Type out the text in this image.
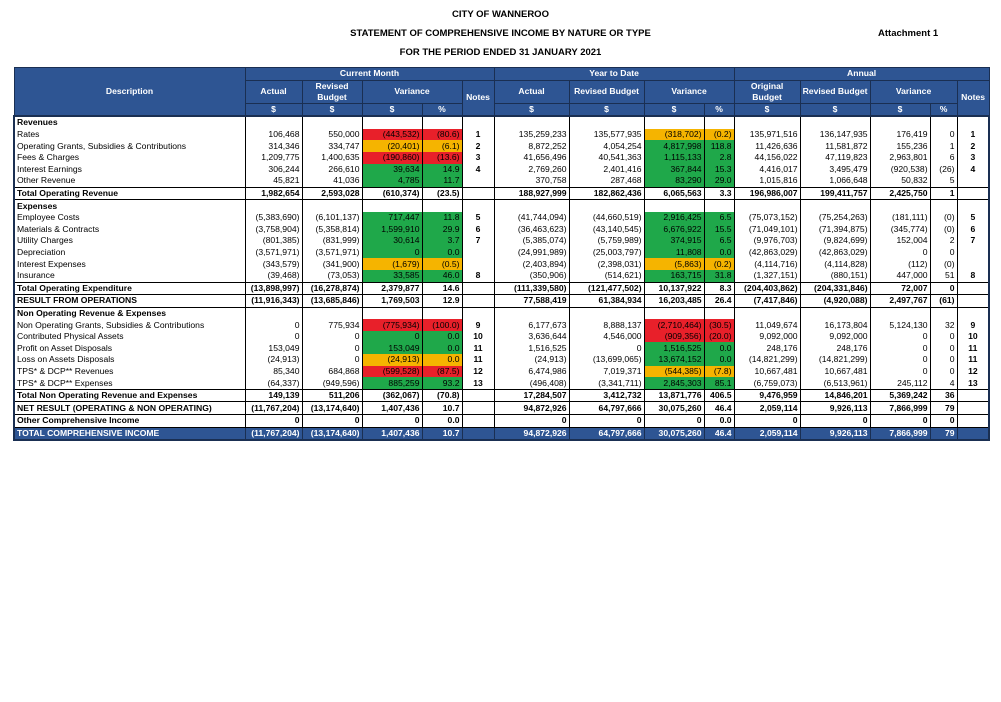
CITY OF WANNEROO
STATEMENT OF COMPREHENSIVE INCOME BY NATURE OR TYPE
FOR THE PERIOD ENDED 31 JANUARY 2021
Attachment 1
Description	Current Month					Year to Date				Annual				
	Actual	Revised Budget	Variance		Notes	Actual	Revised Budget	Variance		Original Budget	Revised Budget	Variance		Notes
	$	$	$	%		$	$	$	%	$	$	$	%	
Revenues														
Rates	106,468	550,000	(443,532)	(80.6)	1	135,259,233	135,577,935	(318,702)	(0.2)	135,971,516	136,147,935	176,419	0	1
Operating Grants, Subsidies & Contributions	314,346	334,747	(20,401)	(6.1)	2	8,872,252	4,054,254	4,817,998	118.8	11,426,636	11,581,872	155,236	1	2
Fees & Charges	1,209,775	1,400,635	(190,860)	(13.6)	3	41,656,496	40,541,363	1,115,133	2.8	44,156,022	47,119,823	2,963,801	6	3
Interest Earnings	306,244	266,610	39,634	14.9	4	2,769,260	2,401,416	367,844	15.3	4,416,017	3,495,479	(920,538)	(26)	4
Other Revenue	45,821	41,036	4,785	11.7		370,758	287,468	83,290	29.0	1,015,816	1,066,648	50,832	5	
Total Operating Revenue	1,982,654	2,593,028	(610,374)	(23.5)		188,927,999	182,862,436	6,065,563	3.3	196,986,007	199,411,757	2,425,750	1	
Expenses														
Employee Costs	(5,383,690)	(6,101,137)	717,447	11.8	5	(41,744,094)	(44,660,519)	2,916,425	6.5	(75,073,152)	(75,254,263)	(181,111)	(0)	5
Materials & Contracts	(3,758,904)	(5,358,814)	1,599,910	29.9	6	(36,463,623)	(43,140,545)	6,676,922	15.5	(71,049,101)	(71,394,875)	(345,774)	(0)	6
Utility Charges	(801,385)	(831,999)	30,614	3.7	7	(5,385,074)	(5,759,989)	374,915	6.5	(9,976,703)	(9,824,699)	152,004	2	7
Depreciation	(3,571,971)	(3,571,971)	0	0.0		(24,991,989)	(25,003,797)	11,808	0.0	(42,863,029)	(42,863,029)	0	0	
Interest Expenses	(343,579)	(341,900)	(1,679)	(0.5)		(2,403,894)	(2,398,031)	(5,863)	(0.2)	(4,114,716)	(4,114,828)	(112)	(0)	
Insurance	(39,468)	(73,053)	33,585	46.0	8	(350,906)	(514,621)	163,715	31.8	(1,327,151)	(880,151)	447,000	51	8
Total Operating Expenditure	(13,898,997)	(16,278,874)	2,379,877	14.6		(111,339,580)	(121,477,502)	10,137,922	8.3	(204,403,862)	(204,331,846)	72,007	0	
RESULT FROM OPERATIONS	(11,916,343)	(13,685,846)	1,769,503	12.9		77,588,419	61,384,934	16,203,485	26.4	(7,417,846)	(4,920,088)	2,497,767	(61)	
Non Operating Revenue & Expenses														
Non Operating Grants, Subsidies & Contributions	0	775,934	(775,934)	(100.0)	9	6,177,673	8,888,137	(2,710,464)	(30.5)	11,049,674	16,173,804	5,124,130	32	9
Contributed Physical Assets	0	0	0	0.0	10	3,636,644	4,546,000	(909,356)	(20.0)	9,092,000	9,092,000	0	0	10
Profit on Asset Disposals	153,049	0	153,049	0.0	11	1,516,525	0	1,516,525	0.0	248,176	248,176	0	0	11
Loss on Assets Disposals	(24,913)	0	(24,913)	0.0	11	(24,913)	(13,699,065)	13,674,152	0.0	(14,821,299)	(14,821,299)	0	0	11
TPS* & DCP** Revenues	85,340	684,868	(599,528)	(87.5)	12	6,474,986	7,019,371	(544,385)	(7.8)	10,667,481	10,667,481	0	0	12
TPS* & DCP** Expenses	(64,337)	(949,596)	885,259	93.2	13	(496,408)	(3,341,711)	2,845,303	85.1	(6,759,073)	(6,513,961)	245,112	4	13
Total Non Operating Revenue and Expenses	149,139	511,206	(362,067)	(70.8)		17,284,507	3,412,732	13,871,776	406.5	9,476,959	14,846,201	5,369,242	36	
NET RESULT (OPERATING & NON OPERATING)	(11,767,204)	(13,174,640)	1,407,436	10.7		94,872,926	64,797,666	30,075,260	46.4	2,059,114	9,926,113	7,866,999	79	
Other Comprehensive Income	0	0	0	0.0		0	0	0	0.0	0	0	0	0	
TOTAL COMPREHENSIVE INCOME	(11,767,204)	(13,174,640)	1,407,436	10.7		94,872,926	64,797,666	30,075,260	46.4	2,059,114	9,926,113	7,866,999	79	
